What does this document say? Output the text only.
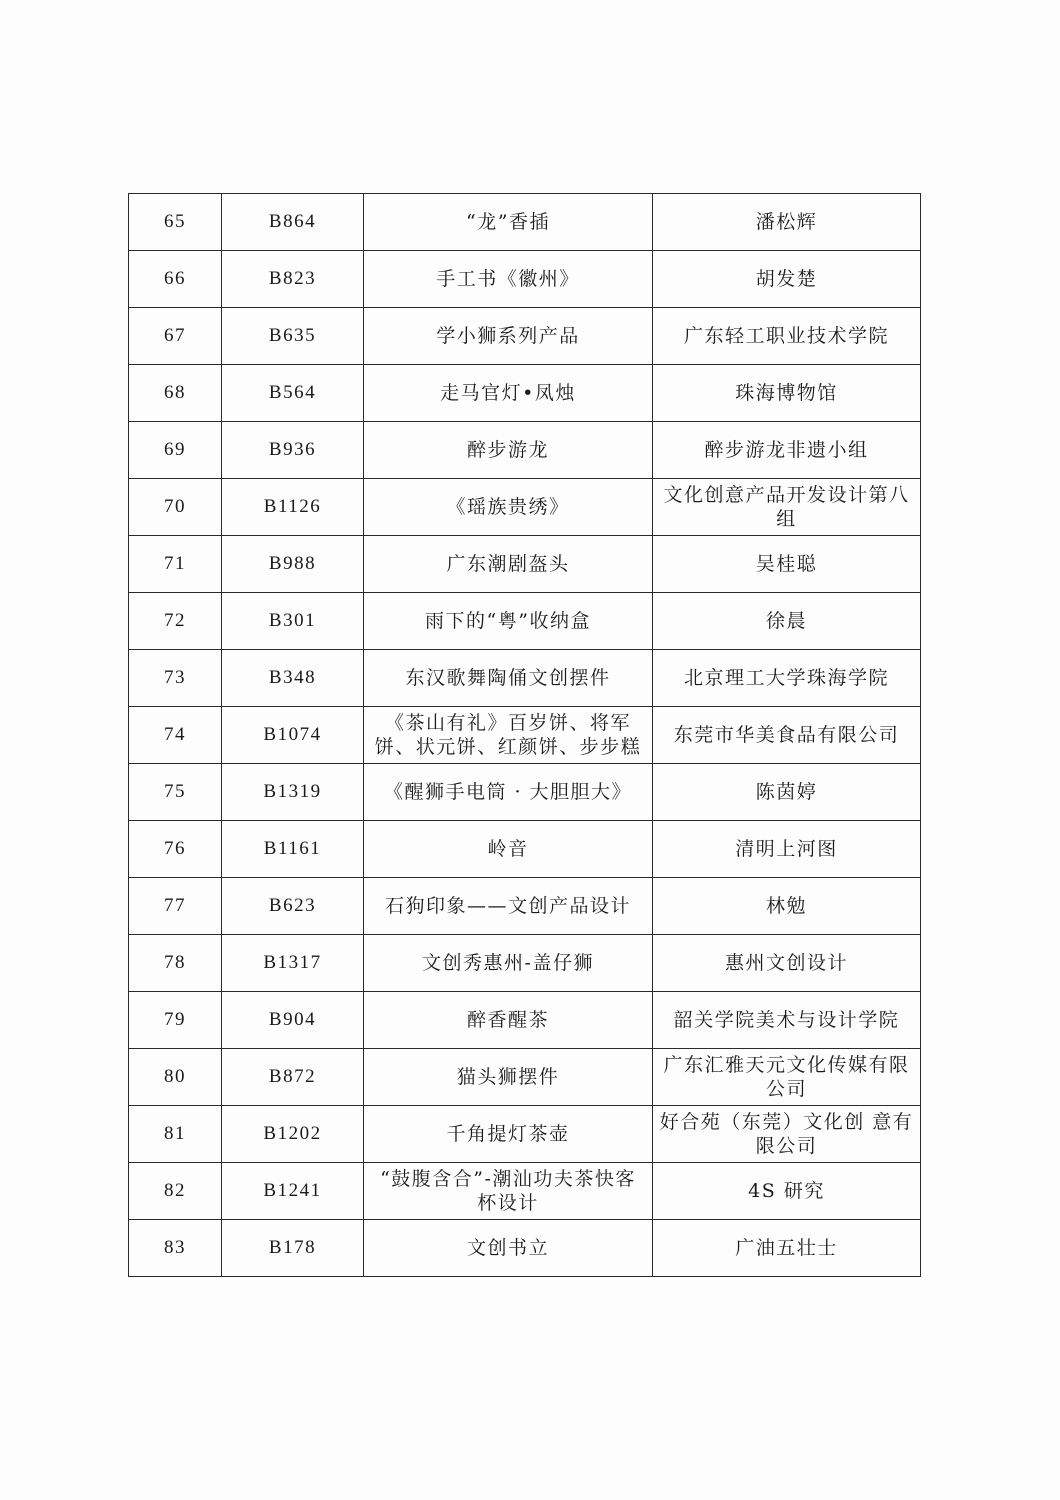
65	B864	“龙”香插	潘松辉
66	B823	手工书《徽州》	胡发楚
67	B635	学小狮系列产品	广东轻工职业技术学院
68	B564	走马官灯•凤烛	珠海博物馆
69	B936	醉步游龙	醉步游龙非遗小组
70	B1126	《瑶族贵绣》	文化创意产品开发设计第八组
71	B988	广东潮剧盔头	吴桂聪
72	B301	雨下的“粤”收纳盒	徐晨
73	B348	东汉歌舞陶俑文创摆件	北京理工大学珠海学院
74	B1074	《茶山有礼》百岁饼、将军饼、状元饼、红颜饼、步步糕	东莞市华美食品有限公司
75	B1319	《醒狮手电筒 · 大胆胆大》	陈茵婷
76	B1161	岭音	清明上河图
77	B623	石狗印象——文创产品设计	林勉
78	B1317	文创秀惠州-盖仔狮	惠州文创设计
79	B904	醉香醒茶	韶关学院美术与设计学院
80	B872	猫头狮摆件	广东汇雅天元文化传媒有限公司
81	B1202	千角提灯茶壶	好合苑（东莞）文化创 意有限公司
82	B1241	“鼓腹含合”-潮汕功夫茶快客杯设计	4S 研究
83	B178	文创书立	广油五壮士
